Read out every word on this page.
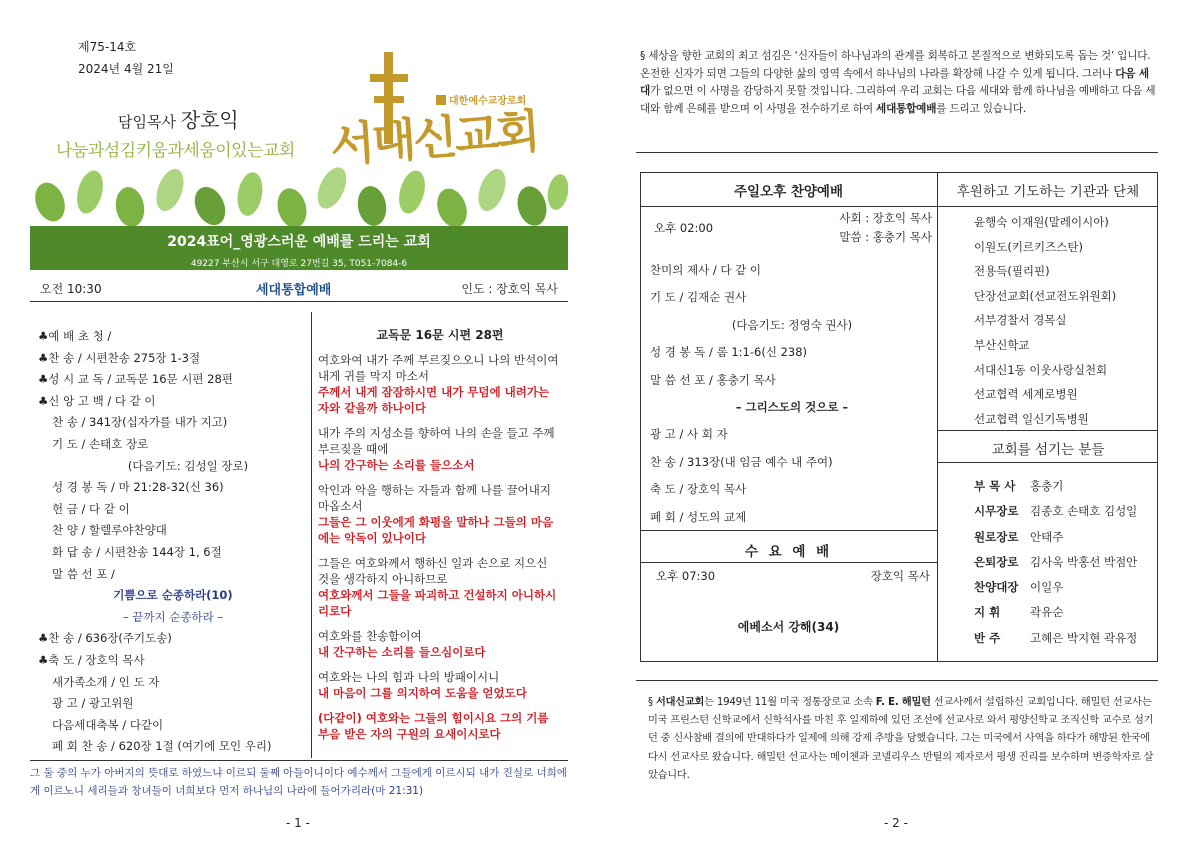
제75-14호
2024년 4월 21일
담임목사 장호익
나눔과섬김키움과세움이있는교회
대한예수교장로회
서대신교회
2024표어_영광스러운 예배를 드리는 교회
49227 부산시 서구 대영로 27번길 35, T051-7084-6
오전 10:30	세대통합예배	인도 : 장호익 목사
♣예 배 초 청 /
♣찬 송 / 시편찬송 275장 1-3절
♣성 시 교 독 / 교독문 16문 시편 28편
♣신 앙 고 백 / 다 같 이
찬 송 / 341장(십자가를 내가 지고)
기 도 / 손태호 장로
(다음기도: 김성일 장로)
성 경 봉 독 / 마 21:28-32(신 36)
헌 금 / 다 같 이
찬 양 / 할렐루야찬양대
화 답 송 / 시편찬송 144장 1, 6절
말 씀 선 포 /
기쁨으로 순종하라(10)
– 끝까지 순종하라 –
♣찬 송 / 636장(주기도송)
♣축 도 / 장호익 목사
새가족소개 / 인 도 자
광 고 / 광고위원
다음세대축복 / 다같이
폐 회 찬 송 / 620장 1절 (여기에 모인 우리)
교독문 16문 시편 28편
여호와여 내가 주께 부르짖으오니 나의 반석이여 내게 귀를 막지 마소서
주께서 내게 잠잠하시면 내가 무덤에 내려가는 자와 같을까 하나이다
내가 주의 지성소를 향하여 나의 손을 들고 주께 부르짖을 때에
나의 간구하는 소리를 들으소서
악인과 악을 행하는 자들과 함께 나를 끌어내지 마옵소서
그들은 그 이웃에게 화평을 말하나 그들의 마음에는 악독이 있나이다
그들은 여호와께서 행하신 일과 손으로 지으신 것을 생각하지 아니하므로
여호와께서 그들을 파괴하고 건설하지 아니하시리로다
여호와를 찬송함이여
내 간구하는 소리를 들으심이로다
여호와는 나의 힘과 나의 방패이시니
내 마음이 그를 의지하여 도움을 얻었도다
(다같이) 여호와는 그들의 힘이시요 그의 기름 부음 받은 자의 구원의 요새이시로다
그 둘 중의 누가 아버지의 뜻대로 하였느냐 이르되 둘째 아들이니이다 예수께서 그들에게 이르시되 내가 진실로 너희에게 이르노니 세리들과 창녀들이 너희보다 먼저 하나님의 나라에 들어가리라(마 21:31)
- 1 -
§ 세상을 향한 교회의 최고 섬김은 ‘신자들이 하나님과의 관계를 회복하고 본질적으로 변화되도록 돕는 것’ 입니다. 온전한 신자가 되면 그들의 다양한 삶의 영역 속에서 하나님의 나라를 확장해 나갈 수 있게 됩니다. 그러나 다음 세대가 없으면 이 사명을 감당하지 못할 것입니다. 그리하여 우리 교회는 다음 세대와 함께 하나님을 예배하고 다음 세대와 함께 은혜를 받으며 이 사명을 전수하기로 하여 세대통합예배를 드리고 있습니다.
주일오후 찬양예배
오후 02:00
사회 : 장호익 목사
말씀 : 홍충기 목사
찬미의 제사 / 다 같 이
기 도 / 김재순 권사
(다음기도: 정영숙 권사)
성 경 봉 독 / 롬 1:1-6(신 238)
말 씀 선 포 / 홍충기 목사
– 그리스도의 것으로 –
광 고 / 사 회 자
찬 송 / 313장(내 임금 예수 내 주여)
축 도 / 장호익 목사
폐 회 / 성도의 교제
수 요 예 배
오후 07:30	장호익 목사
에베소서 강해(34)
후원하고 기도하는 기관과 단체
윤행숙 이재원(말레이시아)
이원도(키르키즈스탄)
전용득(필리핀)
단장선교회(선교전도위원회)
서부경찰서 경목실
부산신학교
서대신1동 이웃사랑실천회
선교협력 세계로병원
선교협력 일신기독병원
교회를 섬기는 분들
부 목 사 홍충기
시무장로 김종호 손태호 김성일
원로장로 안태주
은퇴장로 김사욱 박홍선 박점안
찬양대장 이일우
지 휘	곽유순
반 주	고혜은 박지현 곽유정
§ 서대신교회는 1949년 11월 미국 정통장로교 소속 F. E. 해밀턴 선교사께서 설립하신 교회입니다. 해밀턴 선교사는 미국 프린스턴 신학교에서 신학석사를 마친 후 일제하에 있던 조선에 선교사로 와서 평양신학교 조직신학 교수로 섬기던 중 신사참배 결의에 반대하다가 일제에 의해 강제 추방을 당했습니다. 그는 미국에서 사역을 하다가 해방된 한국에 다시 선교사로 왔습니다. 해밀턴 선교사는 메이첸과 코넬리우스 반틸의 제자로서 평생 진리를 보수하며 변증학자로 살았습니다.
- 2 -
